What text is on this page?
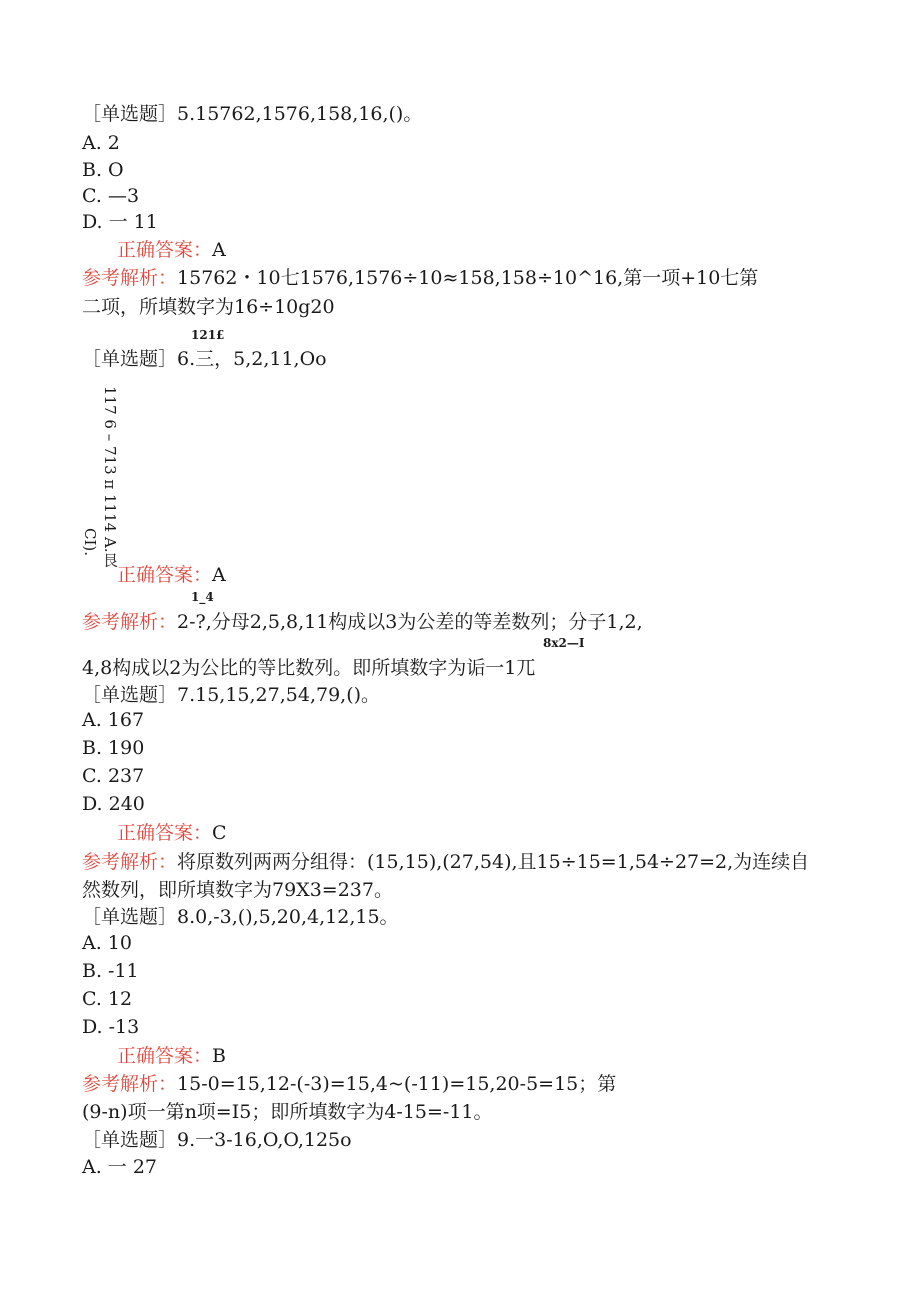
［单选题］5.15762,1576,158,16,()。
A. 2
B. O
C. —3
D. 一 11
正确答案：A
参考解析：15762・10七1576,1576÷10≈158,158÷10^16,第一项+10七第
二项，所填数字为16÷10g20
121£
［单选题］6.三，5,2,11,Oo
117 6 – 713 π 1114 A.艮
CI).
正确答案：A
1_4
参考解析：2-?,分母2,5,8,11构成以3为公差的等差数列；分子1,2,
8x2—I
4,8构成以2为公比的等比数列。即所填数字为诟一1兀
［单选题］7.15,15,27,54,79,()。
A. 167
B. 190
C. 237
D. 240
正确答案：C
参考解析：将原数列两两分组得：(15,15),(27,54),且15÷15=1,54÷27=2,为连续自
然数列，即所填数字为79X3=237。
［单选题］8.0,-3,(),5,20,4,12,15。
A. 10
B. -11
C. 12
D. -13
正确答案：B
参考解析：15-0=15,12-(-3)=15,4~(-11)=15,20-5=15；第
(9-n)项一第n项=I5；即所填数字为4-15=-11。
［单选题］9.一3-16,O,O,125o
A. 一 27
